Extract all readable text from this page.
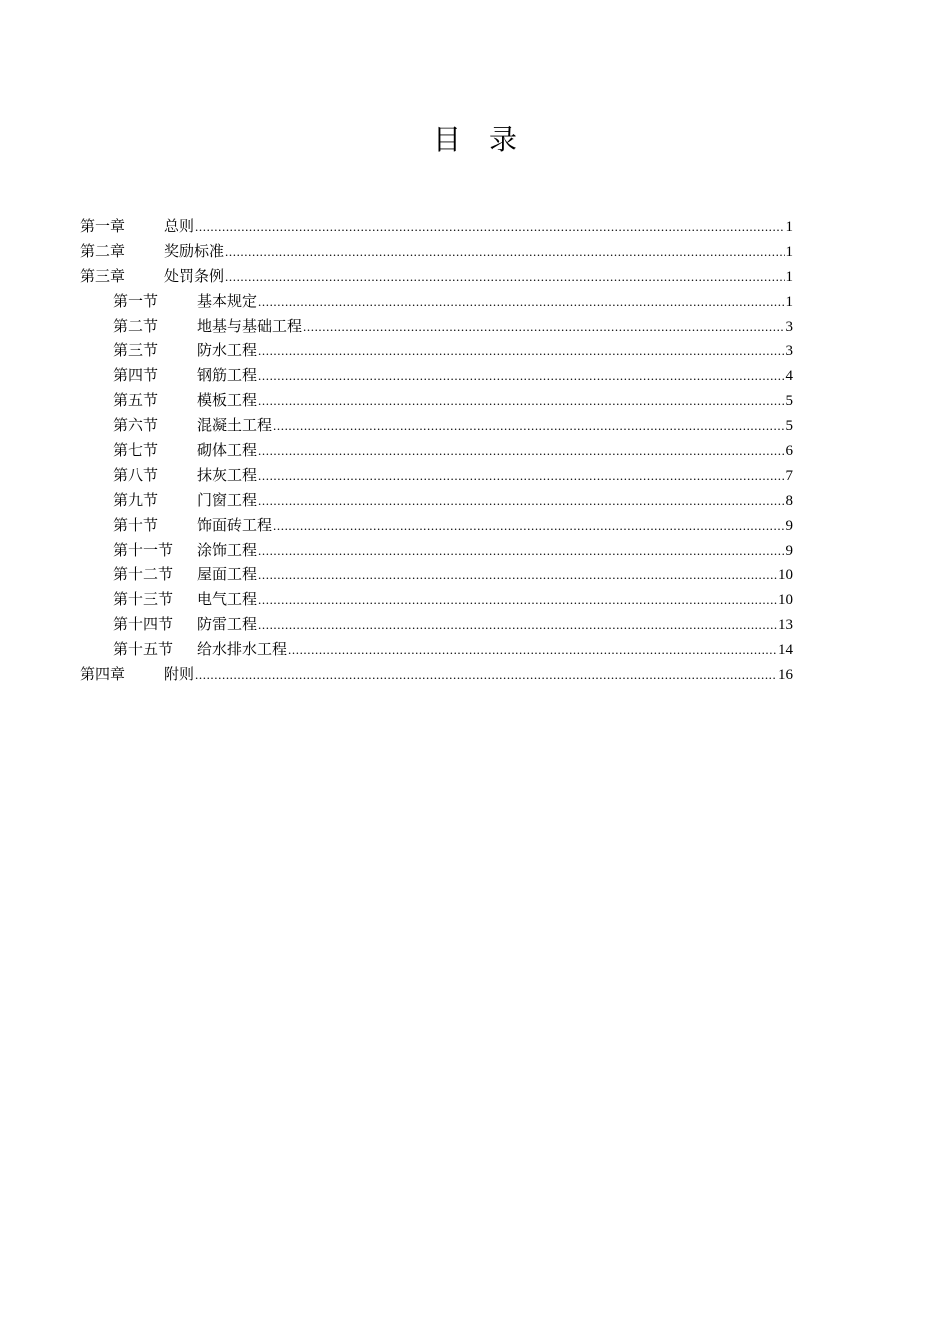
目 录
第一章	总则 .....	1
第二章	奖励标准 .....	1
第三章	处罚条例 .....	1
第一节	基本规定 .....	1
第二节	地基与基础工程 .....	3
第三节	防水工程 .....	3
第四节	钢筋工程 .....	4
第五节	模板工程 .....	5
第六节	混凝土工程 .....	5
第七节	砌体工程 .....	6
第八节	抹灰工程 .....	7
第九节	门窗工程 .....	8
第十节	饰面砖工程 .....	9
第十一节	涂饰工程 .....	9
第十二节	屋面工程 .....	10
第十三节	电气工程 .....	10
第十四节	防雷工程 .....	13
第十五节	给水排水工程 .....	14
第四章	附则 .....	16
